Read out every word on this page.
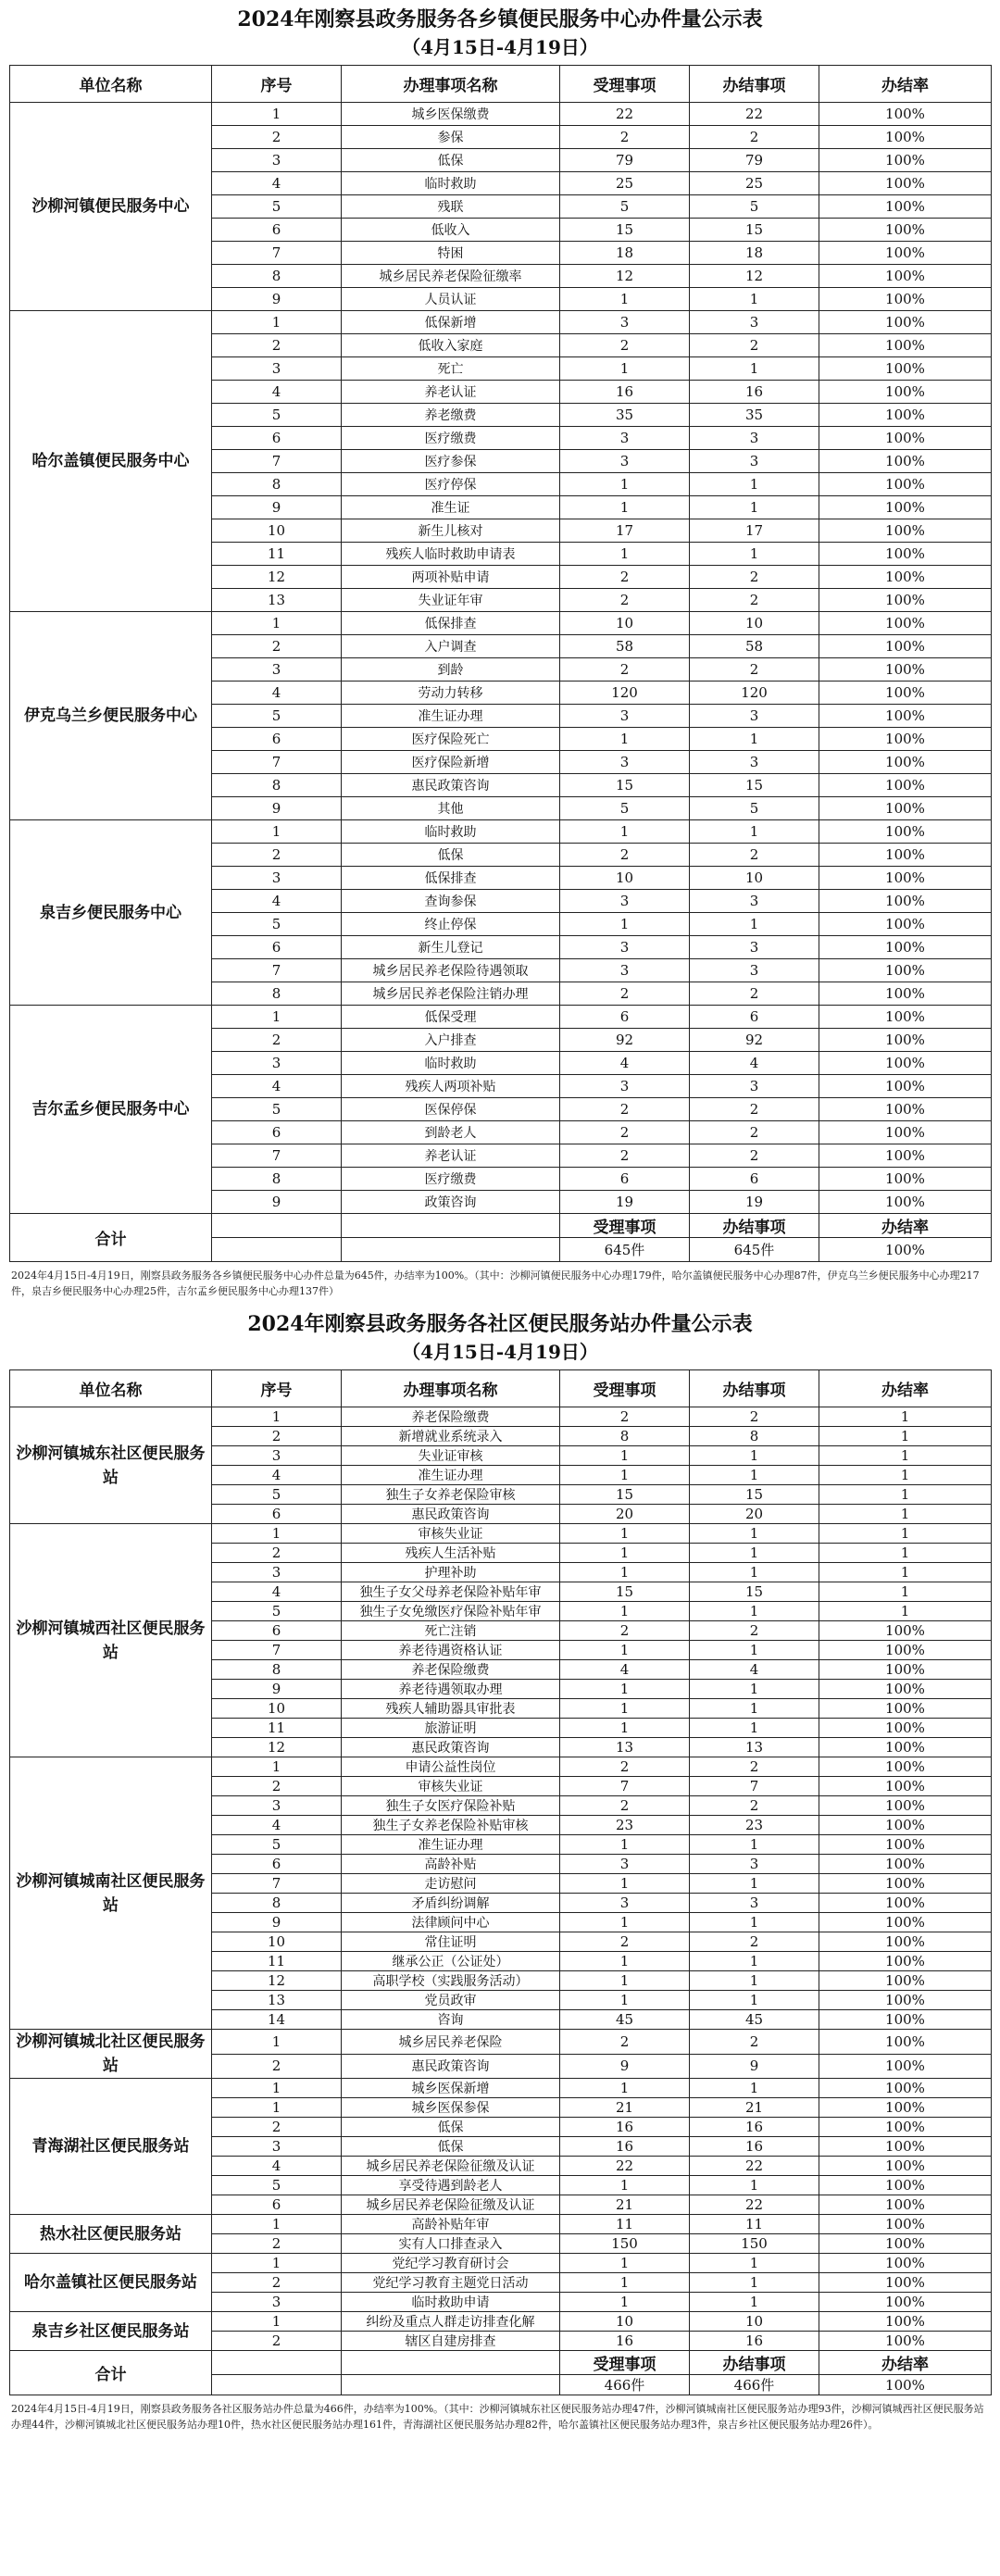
2024年刚察县政务服务各乡镇便民服务中心办件量公示表
（4月15日-4月19日）
单位名称	序号	办理事项名称	受理事项	办结事项	办结率
沙柳河镇便民服务中心	1	城乡医保缴费	22	22	100%
	2	参保	2	2	100%
	3	低保	79	79	100%
	4	临时救助	25	25	100%
	5	残联	5	5	100%
	6	低收入	15	15	100%
	7	特困	18	18	100%
	8	城乡居民养老保险征缴率	12	12	100%
	9	人员认证	1	1	100%
哈尔盖镇便民服务中心	1	低保新增	3	3	100%
	2	低收入家庭	2	2	100%
	3	死亡	1	1	100%
	4	养老认证	16	16	100%
	5	养老缴费	35	35	100%
	6	医疗缴费	3	3	100%
	7	医疗参保	3	3	100%
	8	医疗停保	1	1	100%
	9	准生证	1	1	100%
	10	新生儿核对	17	17	100%
	11	残疾人临时救助申请表	1	1	100%
	12	两项补贴申请	2	2	100%
	13	失业证年审	2	2	100%
伊克乌兰乡便民服务中心	1	低保排查	10	10	100%
	2	入户调查	58	58	100%
	3	到龄	2	2	100%
	4	劳动力转移	120	120	100%
	5	准生证办理	3	3	100%
	6	医疗保险死亡	1	1	100%
	7	医疗保险新增	3	3	100%
	8	惠民政策咨询	15	15	100%
	9	其他	5	5	100%
泉吉乡便民服务中心	1	临时救助	1	1	100%
	2	低保	2	2	100%
	3	低保排查	10	10	100%
	4	查询参保	3	3	100%
	5	终止停保	1	1	100%
	6	新生儿登记	3	3	100%
	7	城乡居民养老保险待遇领取	3	3	100%
	8	城乡居民养老保险注销办理	2	2	100%
吉尔孟乡便民服务中心	1	低保受理	6	6	100%
	2	入户排查	92	92	100%
	3	临时救助	4	4	100%
	4	残疾人两项补贴	3	3	100%
	5	医保停保	2	2	100%
	6	到龄老人	2	2	100%
	7	养老认证	2	2	100%
	8	医疗缴费	6	6	100%
	9	政策咨询	19	19	100%
合计			受理事项	办结事项	办结率
			645件	645件	100%
2024年4月15日-4月19日，刚察县政务服务各乡镇便民服务中心办件总量为645件，办结率为100%。（其中：沙柳河镇便民服务中心办理179件，哈尔盖镇便民服务中心办理87件，伊克乌兰乡便民服务中心办理217件，泉吉乡便民服务中心办理25件，吉尔孟乡便民服务中心办理137件）
2024年刚察县政务服务各社区便民服务站办件量公示表
（4月15日-4月19日）
单位名称	序号	办理事项名称	受理事项	办结事项	办结率
沙柳河镇城东社区便民服务站	1	养老保险缴费	2	2	1
	2	新增就业系统录入	8	8	1
	3	失业证审核	1	1	1
	4	准生证办理	1	1	1
	5	独生子女养老保险审核	15	15	1
	6	惠民政策咨询	20	20	1
沙柳河镇城西社区便民服务站	1	审核失业证	1	1	1
	2	残疾人生活补贴	1	1	1
	3	护理补助	1	1	1
	4	独生子女父母养老保险补贴年审	15	15	1
	5	独生子女免缴医疗保险补贴年审	1	1	1
	6	死亡注销	2	2	100%
	7	养老待遇资格认证	1	1	100%
	8	养老保险缴费	4	4	100%
	9	养老待遇领取办理	1	1	100%
	10	残疾人辅助器具审批表	1	1	100%
	11	旅游证明	1	1	100%
	12	惠民政策咨询	13	13	100%
沙柳河镇城南社区便民服务站	1	申请公益性岗位	2	2	100%
	2	审核失业证	7	7	100%
	3	独生子女医疗保险补贴	2	2	100%
	4	独生子女养老保险补贴审核	23	23	100%
	5	准生证办理	1	1	100%
	6	高龄补贴	3	3	100%
	7	走访慰问	1	1	100%
	8	矛盾纠纷调解	3	3	100%
	9	法律顾问中心	1	1	100%
	10	常住证明	2	2	100%
	11	继承公正（公证处）	1	1	100%
	12	高职学校（实践服务活动）	1	1	100%
	13	党员政审	1	1	100%
	14	咨询	45	45	100%
沙柳河镇城北社区便民服务站	1	城乡居民养老保险	2	2	100%
	2	惠民政策咨询	9	9	100%
青海湖社区便民服务站	1	城乡医保新增	1	1	100%
	1	城乡医保参保	21	21	100%
	2	低保	16	16	100%
	3	低保	16	16	100%
	4	城乡居民养老保险征缴及认证	22	22	100%
	5	享受待遇到龄老人	1	1	100%
	6	城乡居民养老保险征缴及认证	21	22	100%
热水社区便民服务站	1	高龄补贴年审	11	11	100%
	2	实有人口排查录入	150	150	100%
哈尔盖镇社区便民服务站	1	党纪学习教育研讨会	1	1	100%
	2	党纪学习教育主题党日活动	1	1	100%
	3	临时救助申请	1	1	100%
泉吉乡社区便民服务站	1	纠纷及重点人群走访排查化解	10	10	100%
	2	辖区自建房排查	16	16	100%
合计			受理事项	办结事项	办结率
			466件	466件	100%
2024年4月15日-4月19日，刚察县政务服务各社区服务站办件总量为466件，办结率为100%。（其中：沙柳河镇城东社区便民服务站办理47件，沙柳河镇城南社区便民服务站办理93件，沙柳河镇城西社区便民服务站办理44件，沙柳河镇城北社区便民服务站办理10件，热水社区便民服务站办理161件，青海湖社区便民服务站办理82件，哈尔盖镇社区便民服务站办理3件，泉吉乡社区便民服务站办理26件）。
